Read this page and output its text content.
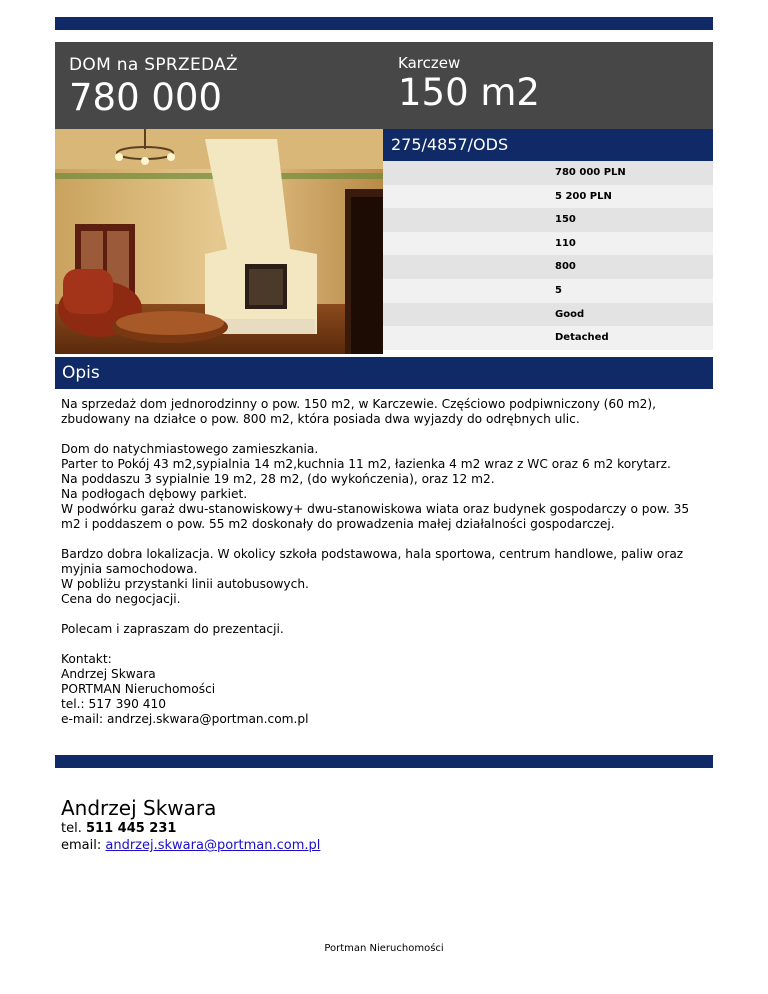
DOM na SPRZEDAŻ
780 000
Karczew
150 m2
275/4857/ODS
780 000 PLN
5 200 PLN
150
110
800
5
Good
Detached
Opis

Na sprzedaż dom jednorodzinny o pow. 150 m2, w Karczewie. Częściowo podpiwniczony (60 m2), zbudowany na działce o pow. 800 m2, która posiada dwa wyjazdy do odrębnych ulic.

Dom do natychmiastowego zamieszkania.
Parter to Pokój 43 m2,sypialnia 14 m2,kuchnia 11 m2, łazienka 4 m2 wraz z WC oraz 6 m2 korytarz.
Na poddaszu 3 sypialnie 19 m2, 28 m2, (do wykończenia), oraz 12 m2.
Na podłogach dębowy parkiet.
W podwórku garaż dwu-stanowiskowy+ dwu-stanowiskowa wiata oraz budynek gospodarczy o pow. 35 m2 i poddaszem o pow. 55 m2 doskonały do prowadzenia małej działalności gospodarczej.

Bardzo dobra lokalizacja. W okolicy szkoła podstawowa, hala sportowa, centrum handlowe, paliw oraz myjnia samochodowa.
W pobliżu przystanki linii autobusowych.
Cena do negocjacji.

Polecam i zapraszam do prezentacji.

Kontakt:
Andrzej Skwara
PORTMAN Nieruchomości
tel.: 517 390 410
e-mail: andrzej.skwara@portman.com.pl

Andrzej Skwara
tel. 511 445 231
email: andrzej.skwara@portman.com.pl
Portman Nieruchomości
